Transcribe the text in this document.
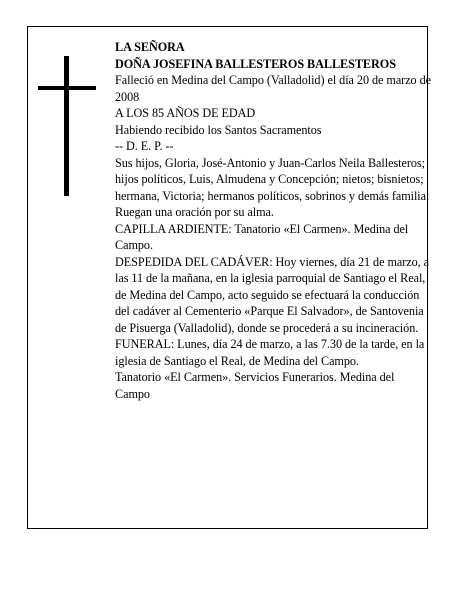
LA SEÑORA

DOÑA JOSEFINA BALLESTEROS BALLESTEROS

Falleció en Medina del Campo (Valladolid) el día 20 de marzo de 2008

A LOS 85 AÑOS DE EDAD

Habiendo recibido los Santos Sacramentos

-- D. E. P. --

Sus hijos, Gloria, José-Antonio y Juan-Carlos Neila Ballesteros; hijos políticos, Luis, Almudena y Concepción; nietos; bisnietos; hermana, Victoria; hermanos políticos, sobrinos y demás familia:

Ruegan una oración por su alma.

CAPILLA ARDIENTE: Tanatorio «El Carmen». Medina del Campo.

DESPEDIDA DEL CADÁVER: Hoy viernes, día 21 de marzo, a las 11 de la mañana, en la iglesia parroquial de Santiago el Real, de Medina del Campo, acto seguido se efectuará la conducción del cadáver al Cementerio «Parque El Salvador», de Santovenia de Pisuerga (Valladolid), donde se procederá a su incineración.

FUNERAL: Lunes, día 24 de marzo, a las 7.30 de la tarde, en la iglesia de Santiago el Real, de Medina del Campo.

Tanatorio «El Carmen». Servicios Funerarios. Medina del Campo
